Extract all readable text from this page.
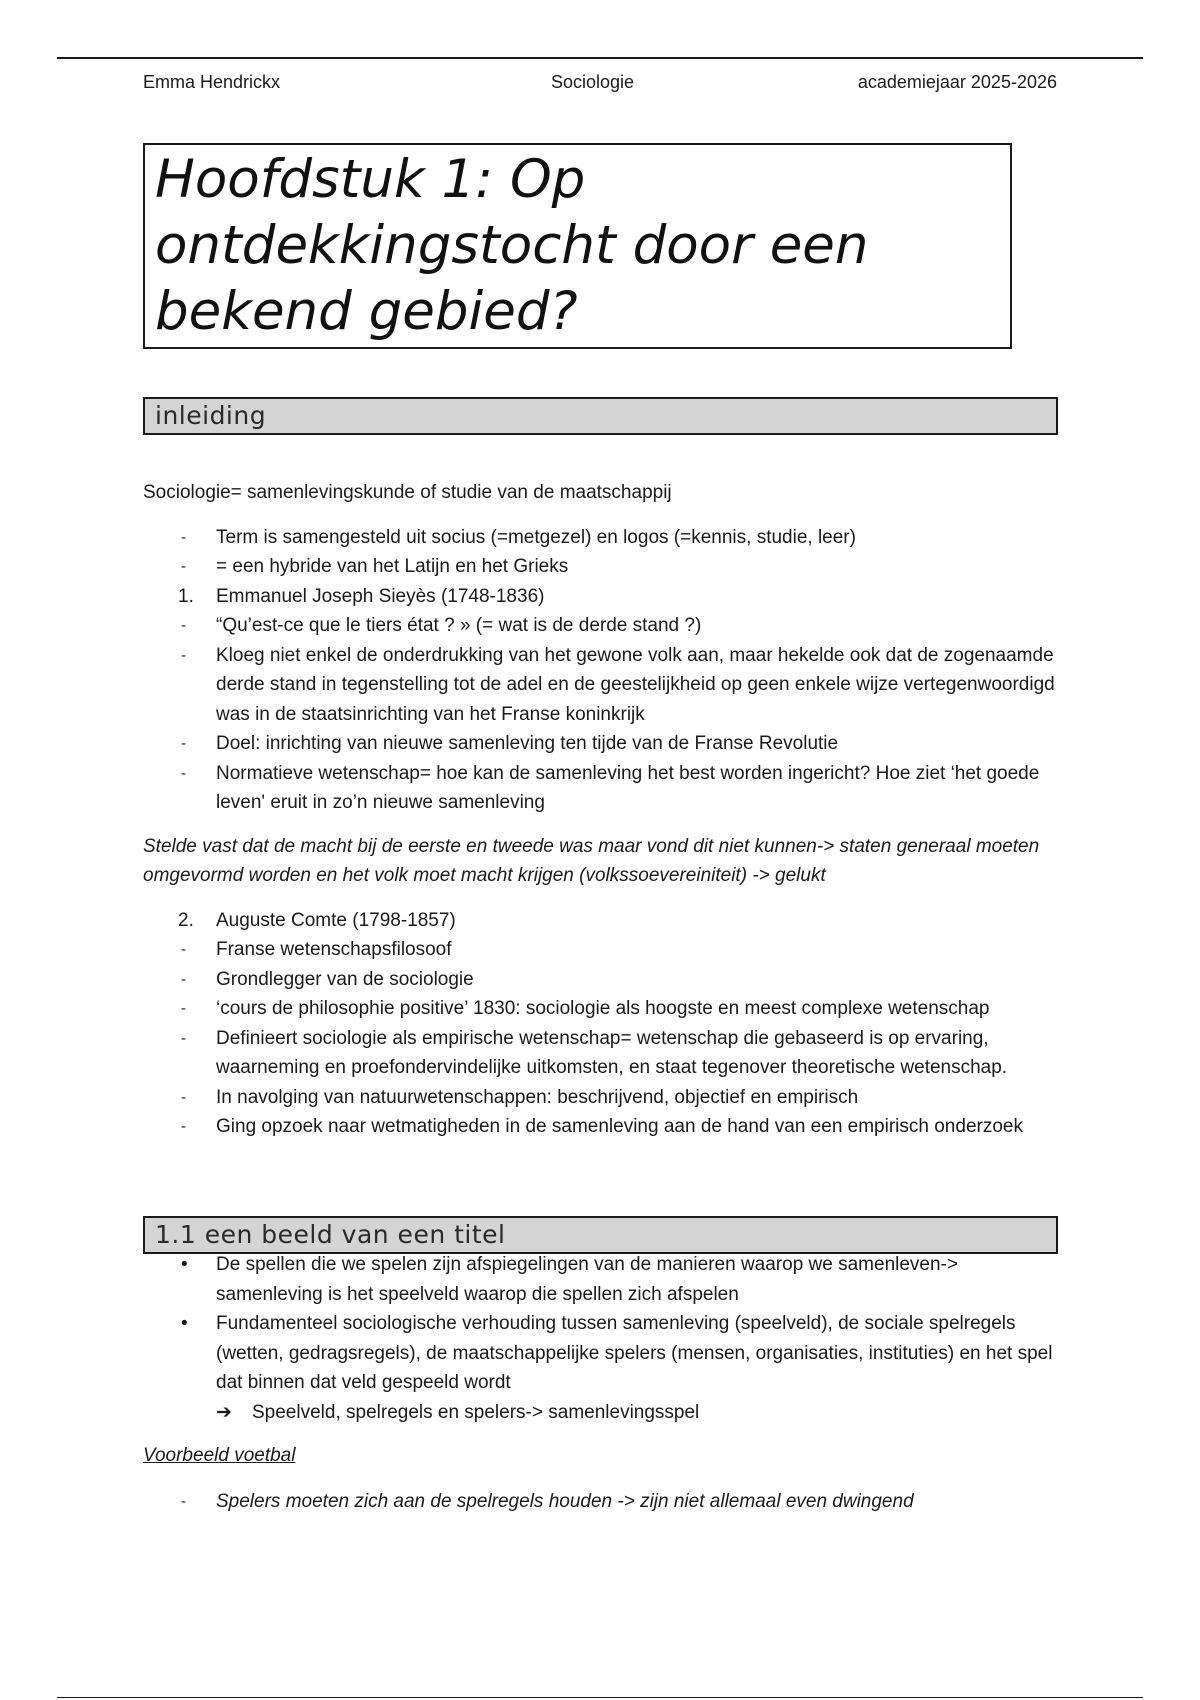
Emma Hendrickx	Sociologie	academiejaar 2025-2026
Hoofdstuk 1: Op
ontdekkingstocht door een
bekend gebied?
inleiding

Sociologie= samenlevingskunde of studie van de maatschappij

- Term is samengesteld uit socius (=metgezel) en logos (=kennis, studie, leer)
- = een hybride van het Latijn en het Grieks
1. Emmanuel Joseph Sieyès (1748-1836)
- “Qu’est-ce que le tiers état ? » (= wat is de derde stand ?)
- Kloeg niet enkel de onderdrukking van het gewone volk aan, maar hekelde ook dat de zogenaamde derde stand in tegenstelling tot de adel en de geestelijkheid op geen enkele wijze vertegenwoordigd was in de staatsinrichting van het Franse koninkrijk
- Doel: inrichting van nieuwe samenleving ten tijde van de Franse Revolutie
- Normatieve wetenschap= hoe kan de samenleving het best worden ingericht? Hoe ziet ‘het goede leven' eruit in zo’n nieuwe samenleving

Stelde vast dat de macht bij de eerste en tweede was maar vond dit niet kunnen-> staten generaal moeten omgevormd worden en het volk moet macht krijgen (volkssoevereiniteit) -> gelukt

2. Auguste Comte (1798-1857)
- Franse wetenschapsfilosoof
- Grondlegger van de sociologie
- ‘cours de philosophie positive’ 1830: sociologie als hoogste en meest complexe wetenschap
- Definieert sociologie als empirische wetenschap= wetenschap die gebaseerd is op ervaring, waarneming en proefondervindelijke uitkomsten, en staat tegenover theoretische wetenschap.
- In navolging van natuurwetenschappen: beschrijvend, objectief en empirisch
- Ging opzoek naar wetmatigheden in de samenleving aan de hand van een empirisch onderzoek
1.1 een beeld van een titel
• De spellen die we spelen zijn afspiegelingen van de manieren waarop we samenleven-> samenleving is het speelveld waarop die spellen zich afspelen
• Fundamenteel sociologische verhouding tussen samenleving (speelveld), de sociale spelregels (wetten, gedragsregels), de maatschappelijke spelers (mensen, organisaties, instituties) en het spel dat binnen dat veld gespeeld wordt
➔ Speelveld, spelregels en spelers-> samenlevingsspel

Voorbeeld voetbal

- Spelers moeten zich aan de spelregels houden -> zijn niet allemaal even dwingend
